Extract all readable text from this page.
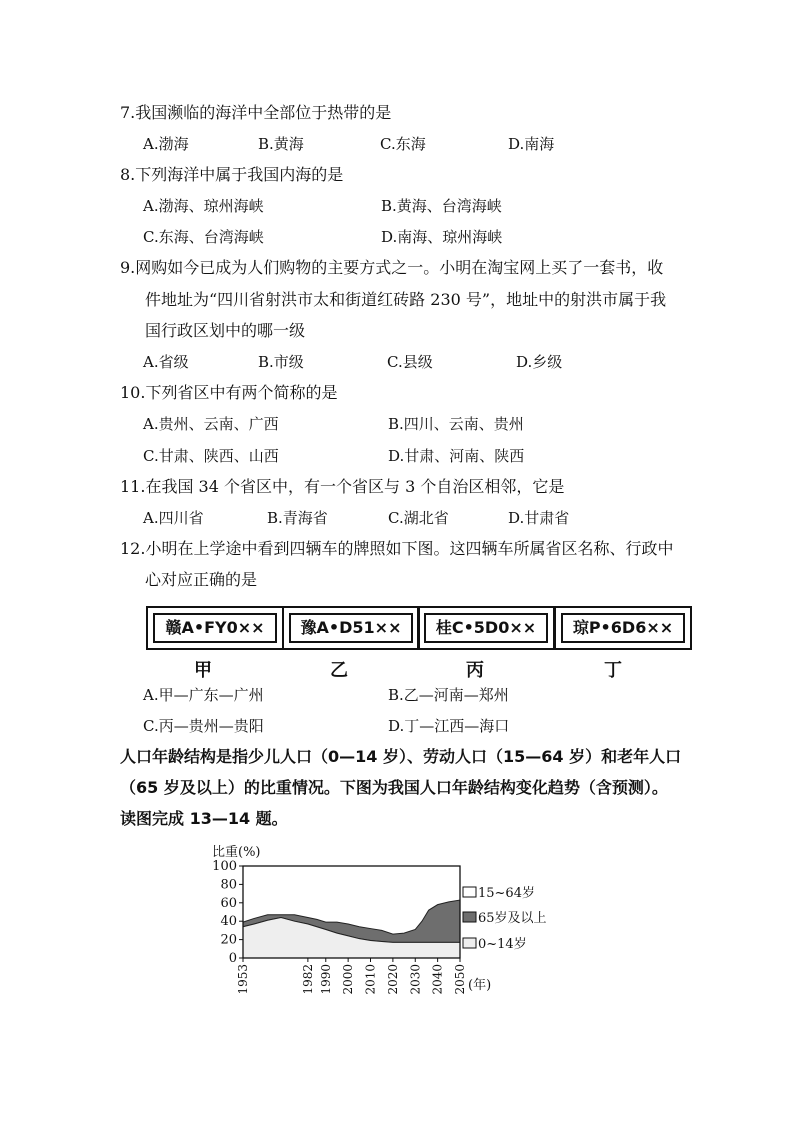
7.我国濒临的海洋中全部位于热带的是
A.渤海	B.黄海	C.东海	D.南海
8.下列海洋中属于我国内海的是
A.渤海、琼州海峡	B.黄海、台湾海峡
C.东海、台湾海峡	D.南海、琼州海峡
9.网购如今已成为人们购物的主要方式之一。小明在淘宝网上买了一套书，收
件地址为“四川省射洪市太和街道红砖路 230 号”，地址中的射洪市属于我
国行政区划中的哪一级
A.省级	B.市级	C.县级	D.乡级
10.下列省区中有两个简称的是
A.贵州、云南、广西	B.四川、云南、贵州
C.甘肃、陕西、山西	D.甘肃、河南、陕西
11.在我国 34 个省区中，有一个省区与 3 个自治区相邻，它是
A.四川省	B.青海省	C.湖北省	D.甘肃省
12.小明在上学途中看到四辆车的牌照如下图。这四辆车所属省区名称、行政中
心对应正确的是
赣A•FY0××	豫A•D51××	桂C•5D0××	琼P•6D6××
甲	乙	丙	丁
A.甲—广东—广州	B.乙—河南—郑州
C.丙—贵州—贵阳	D.丁—江西—海口
人口年龄结构是指少儿人口（0—14 岁）、劳动人口（15—64 岁）和老年人口
（65 岁及以上）的比重情况。下图为我国人口年龄结构变化趋势（含预测）。
读图完成 13—14 题。
比重(%)
0
20
40
60
80
100
1953	1982 1990 2000 2010 2020 2030 2040 2050 (年)
15~64岁
65岁及以上
0~14岁
